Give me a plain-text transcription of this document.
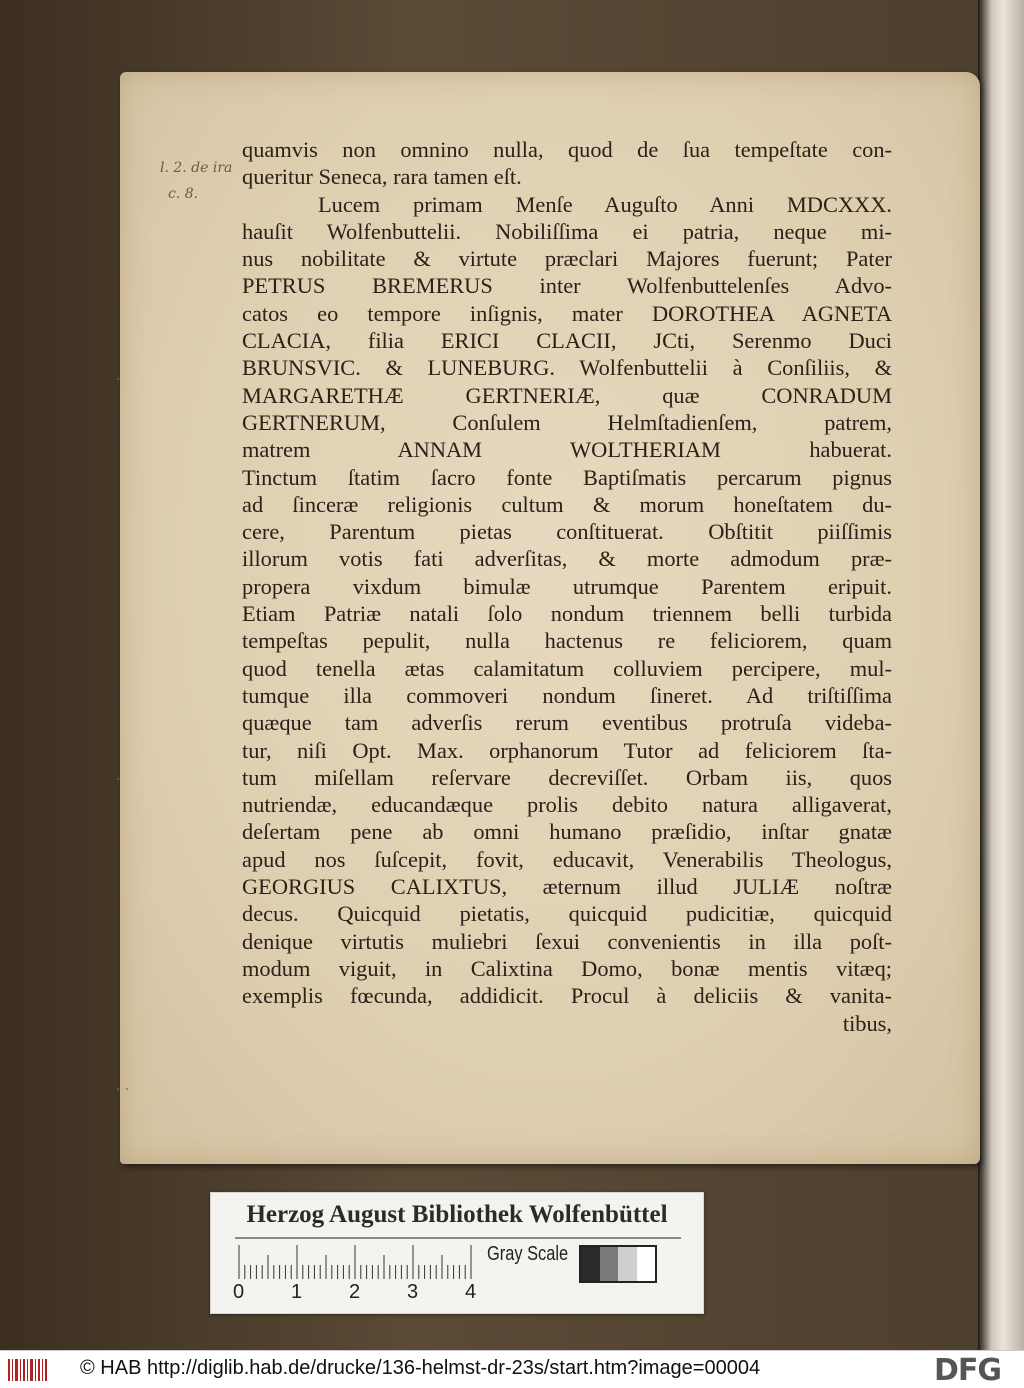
l. 2. de ira
c. 8.
quamvis non omnino nulla, quod de ſua tempeſtate con-
queritur Seneca, rara tamen eſt.
Lucem primam Menſe Auguſto Anni MDCXXX.
hauſit Wolfenbuttelii. Nobiliſſima ei patria, neque mi-
nus nobilitate & virtute præclari Majores fuerunt; Pater
PETRUS BREMERUS inter Wolfenbuttelenſes Advo-
catos eo tempore inſignis, mater DOROTHEA AGNETA
CLACIA, filia ERICI CLACII, JCti, Serenmo Duci
BRUNSVIC. & LUNEBURG. Wolfenbuttelii à Conſiliis, &
MARGARETHÆ GERTNERIÆ, quæ CONRADUM
GERTNERUM, Conſulem Helmſtadienſem, patrem,
matrem ANNAM WOLTHERIAM habuerat.
Tinctum ſtatim ſacro fonte Baptiſmatis percarum pignus
ad ſinceræ religionis cultum & morum honeſtatem du-
cere, Parentum pietas conſtituerat. Obſtitit piiſſimis
illorum votis fati adverſitas, & morte admodum præ-
propera vixdum bimulæ utrumque Parentem eripuit.
Etiam Patriæ natali ſolo nondum triennem belli turbida
tempeſtas pepulit, nulla hactenus re feliciorem, quam
quod tenella ætas calamitatum colluviem percipere, mul-
tumque illa commoveri nondum ſineret. Ad triſtiſſima
quæque tam adverſis rerum eventibus protruſa videba-
tur, niſi Opt. Max. orphanorum Tutor ad feliciorem ſta-
tum miſellam reſervare decreviſſet. Orbam iis, quos
nutriendæ, educandæque prolis debito natura alligaverat,
deſertam pene ab omni humano præſidio, inſtar gnatæ
apud nos ſuſcepit, fovit, educavit, Venerabilis Theologus,
GEORGIUS CALIXTUS, æternum illud JULIÆ noſtræ
decus. Quicquid pietatis, quicquid pudicitiæ, quicquid
denique virtutis muliebri ſexui convenientis in illa poſt-
modum viguit, in Calixtina Domo, bonæ mentis vitæq;
exemplis fœcunda, addidicit. Procul à deliciis & vanita-
tibus,
·
·
· ·
Herzog August Bibliothek Wolfenbüttel
0 1 2 3 4
Gray Scale
© HAB http://diglib.hab.de/drucke/136-helmst-dr-23s/start.htm?image=00004	DFG
